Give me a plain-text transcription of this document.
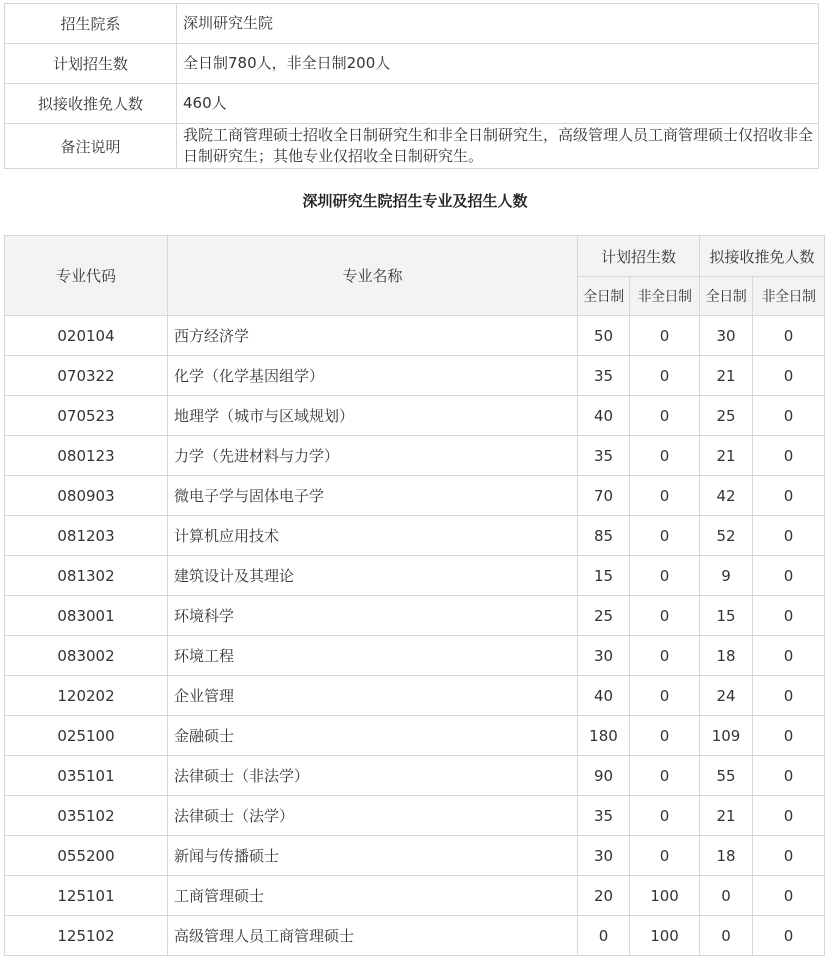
招生院系	深圳研究生院
计划招生数	全日制780人，非全日制200人
拟接收推免人数	460人
备注说明	我院工商管理硕士招收全日制研究生和非全日制研究生，高级管理人员工商管理硕士仅招收非全日制研究生；其他专业仅招收全日制研究生。
深圳研究生院招生专业及招生人数
专业代码	专业名称	计划招生数		拟接收推免人数	
		全日制	非全日制	全日制	非全日制
020104	西方经济学	50	0	30	0
070322	化学（化学基因组学）	35	0	21	0
070523	地理学（城市与区域规划）	40	0	25	0
080123	力学（先进材料与力学）	35	0	21	0
080903	微电子学与固体电子学	70	0	42	0
081203	计算机应用技术	85	0	52	0
081302	建筑设计及其理论	15	0	9	0
083001	环境科学	25	0	15	0
083002	环境工程	30	0	18	0
120202	企业管理	40	0	24	0
025100	金融硕士	180	0	109	0
035101	法律硕士（非法学）	90	0	55	0
035102	法律硕士（法学）	35	0	21	0
055200	新闻与传播硕士	30	0	18	0
125101	工商管理硕士	20	100	0	0
125102	高级管理人员工商管理硕士	0	100	0	0
